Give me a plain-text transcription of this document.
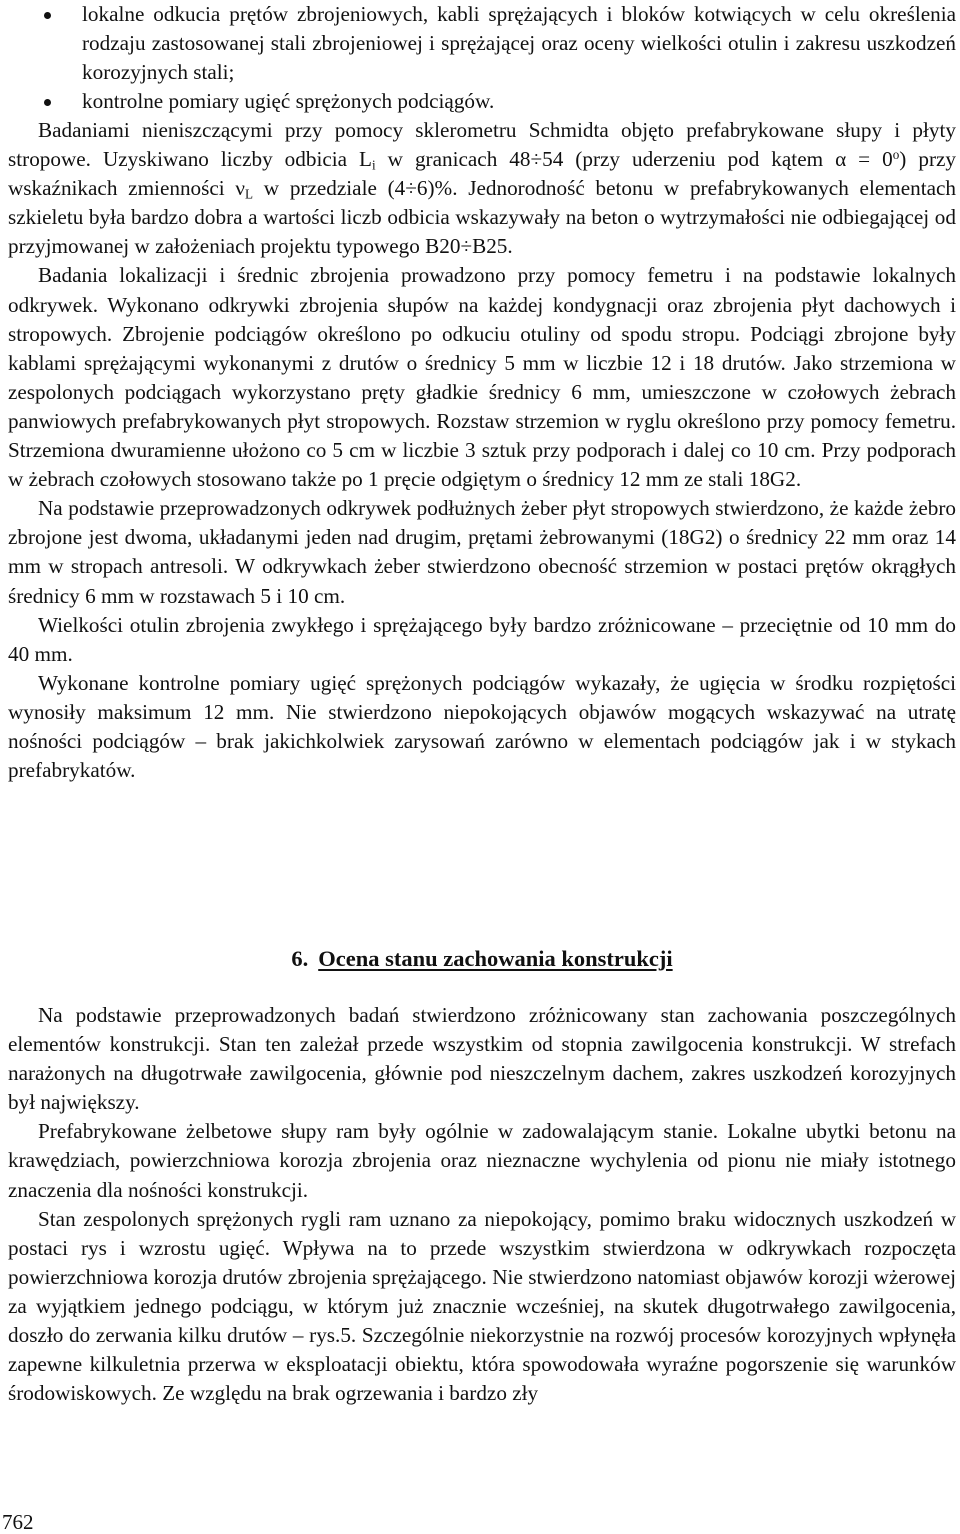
lokalne odkucia prętów zbrojeniowych, kabli sprężających i bloków kotwiących w celu określenia rodzaju zastosowanej stali zbrojeniowej i sprężającej oraz oceny wielkości otulin i zakresu uszkodzeń korozyjnych stali;

kontrolne pomiary ugięć sprężonych podciągów.

Badaniami nieniszczącymi przy pomocy sklerometru Schmidta objęto prefabrykowane słupy i płyty stropowe. Uzyskiwano liczby odbicia $L_i$ w granicach 48÷54 (przy uderzeniu pod kątem $\alpha = 0^o$) przy wskaźnikach zmienności $\nu_L$ w przedziale (4÷6)%. Jednorodność betonu w prefabrykowanych elementach szkieletu była bardzo dobra a wartości liczb odbicia wskazywały na beton o wytrzymałości nie odbiegającej od przyjmowanej w założeniach projektu typowego B20÷B25.

Badania lokalizacji i średnic zbrojenia prowadzono przy pomocy femetru i na podstawie lokalnych odkrywek. Wykonano odkrywki zbrojenia słupów na każdej kondygnacji oraz zbrojenia płyt dachowych i stropowych. Zbrojenie podciągów określono po odkuciu otuliny od spodu stropu. Podciągi zbrojone były kablami sprężającymi wykonanymi z drutów o średnicy 5 mm w liczbie 12 i 18 drutów. Jako strzemiona w zespolonych podciągach wykorzystano pręty gładkie średnicy 6 mm, umieszczone w czołowych żebrach panwiowych prefabrykowanych płyt stropowych. Rozstaw strzemion w ryglu określono przy pomocy femetru. Strzemiona dwuramienne ułożono co 5 cm w liczbie 3 sztuk przy podporach i dalej co 10 cm. Przy podporach w żebrach czołowych stosowano także po 1 pręcie odgiętym o średnicy 12 mm ze stali 18G2.

Na podstawie przeprowadzonych odkrywek podłużnych żeber płyt stropowych stwierdzono, że każde żebro zbrojone jest dwoma, układanymi jeden nad drugim, prętami żebrowanymi (18G2) o średnicy 22 mm oraz 14 mm w stropach antresoli. W odkrywkach żeber stwierdzono obecność strzemion w postaci prętów okrągłych średnicy 6 mm w rozstawach 5 i 10 cm.

Wielkości otulin zbrojenia zwykłego i sprężającego były bardzo zróżnicowane – przeciętnie od 10 mm do 40 mm.

Wykonane kontrolne pomiary ugięć sprężonych podciągów wykazały, że ugięcia w środku rozpiętości wynosiły maksimum 12 mm. Nie stwierdzono niepokojących objawów mogących wskazywać na utratę nośności podciągów – brak jakichkolwiek zarysowań zarówno w elementach podciągów jak i w stykach prefabrykatów.

6. Ocena stanu zachowania konstrukcji

Na podstawie przeprowadzonych badań stwierdzono zróżnicowany stan zachowania poszczególnych elementów konstrukcji. Stan ten zależał przede wszystkim od stopnia zawilgocenia konstrukcji. W strefach narażonych na długotrwałe zawilgocenia, głównie pod nieszczelnym dachem, zakres uszkodzeń korozyjnych był największy.

Prefabrykowane żelbetowe słupy ram były ogólnie w zadowalającym stanie. Lokalne ubytki betonu na krawędziach, powierzchniowa korozja zbrojenia oraz nieznaczne wychylenia od pionu nie miały istotnego znaczenia dla nośności konstrukcji.

Stan zespolonych sprężonych rygli ram uznano za niepokojący, pomimo braku widocznych uszkodzeń w postaci rys i wzrostu ugięć. Wpływa na to przede wszystkim stwierdzona w odkrywkach rozpoczęta powierzchniowa korozja drutów zbrojenia sprężającego. Nie stwierdzono natomiast objawów korozji wżerowej za wyjątkiem jednego podciągu, w którym już znacznie wcześniej, na skutek długotrwałego zawilgocenia, doszło do zerwania kilku drutów – rys.5. Szczególnie niekorzystnie na rozwój procesów korozyjnych wpłynęła zapewne kilkuletnia przerwa w eksploatacji obiektu, która spowodowała wyraźne pogorszenie się warunków środowiskowych. Ze względu na brak ogrzewania i bardzo zły

762
